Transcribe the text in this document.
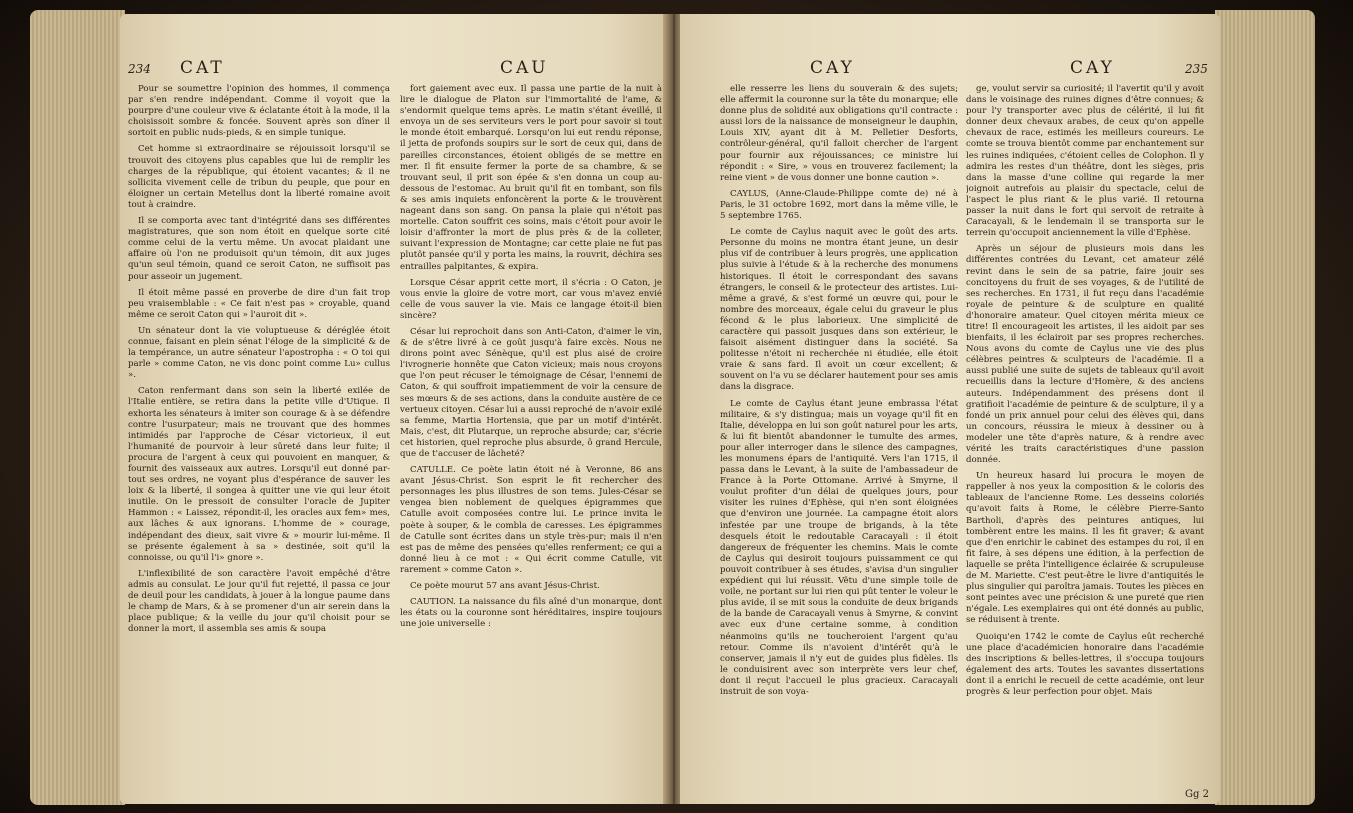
234 CAT	CAU

Pour se soumettre l'opinion des hommes, il commença par s'en rendre indépendant. Comme il voyoit que la pourpre d'une couleur vive & éclatante étoit à la mode, il la choisissoit sombre & foncée. Souvent après son dîner il sortoit en public nuds-pieds, & en simple tunique.

Cet homme si extraordinaire se réjouissoit lorsqu'il se trouvoit des citoyens plus capables que lui de remplir les charges de la république, qui étoient vacantes; & il ne sollicita vivement celle de tribun du peuple, que pour en éloigner un certain Metellus dont la liberté romaine avoit tout à craindre.

Il se comporta avec tant d'intégrité dans ses différentes magistratures, que son nom étoit en quelque sorte cité comme celui de la vertu même. Un avocat plaidant une affaire où l'on ne produisoit qu'un témoin, dit aux juges qu'un seul témoin, quand ce seroit Caton, ne suffisoit pas pour asseoir un jugement.

Il étoit même passé en proverbe de dire d'un fait trop peu vraisemblable : « Ce fait n'est pas » croyable, quand même ce seroit Caton qui » l'auroit dit ».

Un sénateur dont la vie voluptueuse & déréglée étoit connue, faisant en plein sénat l'éloge de la simplicité & de la tempérance, un autre sénateur l'apostropha : « O toi qui parle » comme Caton, ne vis donc point comme Lu» cullus ».

Caton renfermant dans son sein la liberté exilée de l'Italie entière, se retira dans la petite ville d'Utique. Il exhorta les sénateurs à imiter son courage & à se défendre contre l'usurpateur; mais ne trouvant que des hommes intimidés par l'approche de César victorieux, il eut l'humanité de pourvoir à leur sûreté dans leur fuite; il procura de l'argent à ceux qui pouvoient en manquer, & fournit des vaisseaux aux autres. Lorsqu'il eut donné par-tout ses ordres, ne voyant plus d'espérance de sauver les loix & la liberté, il songea à quitter une vie qui leur étoit inutile. On le pressoit de consulter l'oracle de Jupiter Hammon : « Laissez, répondit-il, les oracles aux fem» mes, aux lâches & aux ignorans. L'homme de » courage, indépendant des dieux, sait vivre & » mourir lui-même. Il se présente également à sa » destinée, soit qu'il la connoisse, ou qu'il l'i» gnore ».

L'inflexibilité de son caractère l'avoit empêché d'être admis au consulat. Le jour qu'il fut rejetté, il passa ce jour de deuil pour les candidats, à jouer à la longue paume dans le champ de Mars, & à se promener d'un air serein dans la place publique; & la veille du jour qu'il choisit pour se donner la mort, il assembla ses amis & soupa

fort gaiement avec eux. Il passa une partie de la nuit à lire le dialogue de Platon sur l'immortalité de l'ame, & s'endormit quelque tems après. Le matin s'étant éveillé, il envoya un de ses serviteurs vers le port pour savoir si tout le monde étoit embarqué. Lorsqu'on lui eut rendu réponse, il jetta de profonds soupirs sur le sort de ceux qui, dans de pareilles circonstances, étoient obligés de se mettre en mer. Il fit ensuite fermer la porte de sa chambre, & se trouvant seul, il prit son épée & s'en donna un coup au-dessous de l'estomac. Au bruit qu'il fit en tombant, son fils & ses amis inquiets enfoncèrent la porte & le trouvèrent nageant dans son sang. On pansa la plaie qui n'étoit pas mortelle. Caton souffrit ces soins, mais c'étoit pour avoir le loisir d'affronter la mort de plus près & de la colleter, suivant l'expression de Montagne; car cette plaie ne fut pas plutôt pansée qu'il y porta les mains, la rouvrit, déchira ses entrailles palpitantes, & expira.

Lorsque César apprit cette mort, il s'écria : O Caton, je vous envie la gloire de votre mort, car vous m'avez envié celle de vous sauver la vie. Mais ce langage étoit-il bien sincère?

César lui reprochoit dans son Anti-Caton, d'aimer le vin, & de s'être livré à ce goût jusqu'à faire excès. Nous ne dirons point avec Sénèque, qu'il est plus aisé de croire l'ivrognerie honnête que Caton vicieux; mais nous croyons que l'on peut récuser le témoignage de César, l'ennemi de Caton, & qui souffroit impatiemment de voir la censure de ses mœurs & de ses actions, dans la conduite austère de ce vertueux citoyen. César lui a aussi reproché de n'avoir exilé sa femme, Martia Hortensia, que par un motif d'intérêt. Mais, c'est, dit Plutarque, un reproche absurde; car, s'écrie cet historien, quel reproche plus absurde, ô grand Hercule, que de t'accuser de lâcheté?

CATULLE. Ce poète latin étoit né à Veronne, 86 ans avant Jésus-Christ. Son esprit le fit rechercher des personnages les plus illustres de son tems. Jules-César se vengea bien noblement de quelques épigrammes que Catulle avoit composées contre lui. Le prince invita le poète à souper, & le combla de caresses. Les épigrammes de Catulle sont écrites dans un style très-pur; mais il n'en est pas de même des pensées qu'elles renferment; ce qui a donné lieu à ce mot : « Qui écrit comme Catulle, vit rarement » comme Caton ».

Ce poète mourut 57 ans avant Jésus-Christ.

CAUTION. La naissance du fils aîné d'un monarque, dont les états ou la couronne sont héréditaires, inspire toujours une joie universelle :

CAY	CAY	235

elle resserre les liens du souverain & des sujets; elle affermit la couronne sur la tête du monarque; elle donne plus de solidité aux obligations qu'il contracte : aussi lors de la naissance de monseigneur le dauphin, Louis XIV, ayant dit à M. Pelletier Desforts, contrôleur-général, qu'il falloit chercher de l'argent pour fournir aux réjouissances; ce ministre lui répondit : « Sire, » vous en trouverez facilement; la reine vient » de vous donner une bonne caution ».

CAYLUS, (Anne-Claude-Philippe comte de) né à Paris, le 31 octobre 1692, mort dans la même ville, le 5 septembre 1765.

Le comte de Caylus naquit avec le goût des arts. Personne du moins ne montra étant jeune, un desir plus vif de contribuer à leurs progrès, une application plus suivie à l'étude & à la recherche des monumens historiques. Il étoit le correspondant des savans étrangers, le conseil & le protecteur des artistes. Lui-même a gravé, & s'est formé un œuvre qui, pour le nombre des morceaux, égale celui du graveur le plus fécond & le plus laborieux. Une simplicité de caractère qui passoit jusques dans son extérieur, le faisoit aisément distinguer dans la société. Sa politesse n'étoit ni recherchée ni étudiée, elle étoit vraie & sans fard. Il avoit un cœur excellent; & souvent on l'a vu se déclarer hautement pour ses amis dans la disgrace.

Le comte de Caylus étant jeune embrassa l'état militaire, & s'y distingua; mais un voyage qu'il fit en Italie, développa en lui son goût naturel pour les arts, & lui fit bientôt abandonner le tumulte des armes, pour aller interroger dans le silence des campagnes, les monumens épars de l'antiquité. Vers l'an 1715, il passa dans le Levant, à la suite de l'ambassadeur de France à la Porte Ottomane. Arrivé à Smyrne, il voulut profiter d'un délai de quelques jours, pour visiter les ruines d'Ephèse, qui n'en sont éloignées que d'environ une journée. La campagne étoit alors infestée par une troupe de brigands, à la tête desquels étoit le redoutable Caracayali : il étoit dangereux de fréquenter les chemins. Mais le comte de Caylus qui desiroit toujours puissamment ce qui pouvoit contribuer à ses études, s'avisa d'un singulier expédient qui lui réussit. Vêtu d'une simple toile de voile, ne portant sur lui rien qui pût tenter le voleur le plus avide, il se mit sous la conduite de deux brigands de la bande de Caracayali venus à Smyrne, & convint avec eux d'une certaine somme, à condition néanmoins qu'ils ne toucheroient l'argent qu'au retour. Comme ils n'avoient d'intérêt qu'à le conserver, jamais il n'y eut de guides plus fidèles. Ils le conduisirent avec son interprète vers leur chef, dont il reçut l'accueil le plus gracieux. Caracayali instruit de son voya-

ge, voulut servir sa curiosité; il l'avertit qu'il y avoit dans le voisinage des ruines dignes d'être connues; & pour l'y transporter avec plus de célérité, il lui fit donner deux chevaux arabes, de ceux qu'on appelle chevaux de race, estimés les meilleurs coureurs. Le comte se trouva bientôt comme par enchantement sur les ruines indiquées, c'étoient celles de Colophon. Il y admira les restes d'un théâtre, dont les sièges, pris dans la masse d'une colline qui regarde la mer joignoit autrefois au plaisir du spectacle, celui de l'aspect le plus riant & le plus varié. Il retourna passer la nuit dans le fort qui servoit de retraite à Caracayali, & le lendemain il se transporta sur le terrein qu'occupoit anciennement la ville d'Ephèse.

Après un séjour de plusieurs mois dans les différentes contrées du Levant, cet amateur zélé revint dans le sein de sa patrie, faire jouir ses concitoyens du fruit de ses voyages, & de l'utilité de ses recherches. En 1731, il fut reçu dans l'académie royale de peinture & de sculpture en qualité d'honoraire amateur. Quel citoyen mérita mieux ce titre! Il encourageoit les artistes, il les aidoit par ses bienfaits, il les éclairoit par ses propres recherches. Nous avons du comte de Caylus une vie des plus célèbres peintres & sculpteurs de l'académie. Il a aussi publié une suite de sujets de tableaux qu'il avoit recueillis dans la lecture d'Homère, & des anciens auteurs. Indépendamment des présens dont il gratifioit l'académie de peinture & de sculpture, il y a fondé un prix annuel pour celui des élèves qui, dans un concours, réussira le mieux à dessiner ou à modeler une tête d'après nature, & à rendre avec vérité les traits caractéristiques d'une passion donnée.

Un heureux hasard lui procura le moyen de rappeller à nos yeux la composition & le coloris des tableaux de l'ancienne Rome. Les desseins coloriés qu'avoit faits à Rome, le célèbre Pierre-Santo Bartholi, d'après des peintures antiques, lui tombèrent entre les mains. Il les fit graver; & avant que d'en enrichir le cabinet des estampes du roi, il en fit faire, à ses dépens une édition, à la perfection de laquelle se prêta l'intelligence éclairée & scrupuleuse de M. Mariette. C'est peut-être le livre d'antiquités le plus singulier qui paroîtra jamais. Toutes les pièces en sont peintes avec une précision & une pureté que rien n'égale. Les exemplaires qui ont été donnés au public, se réduisent à trente.

Quoiqu'en 1742 le comte de Caylus eût recherché une place d'académicien honoraire dans l'académie des inscriptions & belles-lettres, il s'occupa toujours également des arts. Toutes les savantes dissertations dont il a enrichi le recueil de cette académie, ont leur progrès & leur perfection pour objet. Mais

Gg 2
